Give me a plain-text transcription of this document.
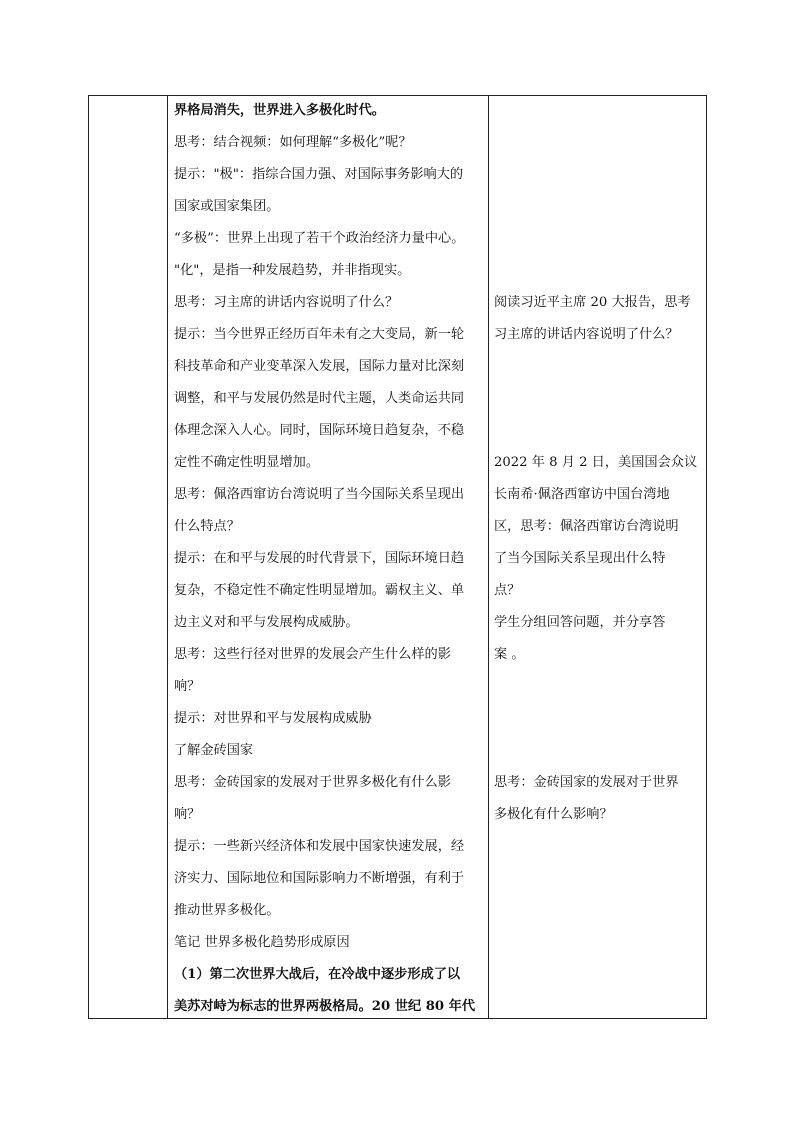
界格局消失，世界进入多极化时代。
思考：结合视频：如何理解“多极化”呢？
提示："极"：指综合国力强、对国际事务影响大的
国家或国家集团。
“多极”：世界上出现了若干个政治经济力量中心。
"化"，是指一种发展趋势，并非指现实。
思考：习主席的讲话内容说明了什么？
提示：当今世界正经历百年未有之大变局，新一轮
科技革命和产业变革深入发展，国际力量对比深刻
调整，和平与发展仍然是时代主题，人类命运共同
体理念深入人心。同时，国际环境日趋复杂，不稳
定性不确定性明显增加。
思考：佩洛西窜访台湾说明了当今国际关系呈现出
什么特点？
提示：在和平与发展的时代背景下，国际环境日趋
复杂，不稳定性不确定性明显增加。霸权主义、单
边主义对和平与发展构成威胁。
思考：这些行径对世界的发展会产生什么样的影
响？
提示：对世界和平与发展构成威胁
了解金砖国家
思考：金砖国家的发展对于世界多极化有什么影
响？
提示：一些新兴经济体和发展中国家快速发展，经
济实力、国际地位和国际影响力不断增强，有利于
推动世界多极化。
笔记 世界多极化趋势形成原因
（1）第二次世界大战后，在冷战中逐步形成了以
美苏对峙为标志的世界两极格局。20 世纪 80 年代
阅读习近平主席 20 大报告，思考
习主席的讲话内容说明了什么？
2022 年 8 月 2 日，美国国会众议
长南希·佩洛西窜访中国台湾地
区，思考：佩洛西窜访台湾说明
了当今国际关系呈现出什么特
点？
学生分组回答问题，并分享答
案 。
思考：金砖国家的发展对于世界
多极化有什么影响？
